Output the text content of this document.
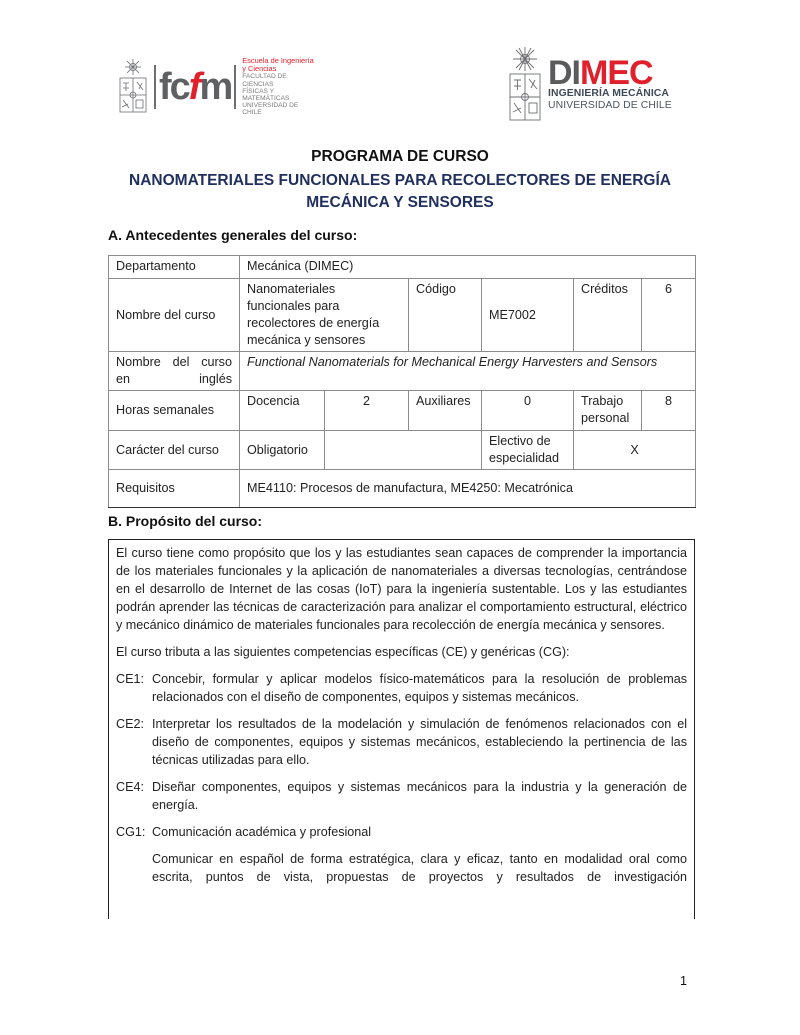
fc f m
Escuela de Ingeniería
y Ciencias
FACULTAD DE CIENCIAS
FÍSICAS Y MATEMÁTICAS
UNIVERSIDAD DE CHILE
DIMEC
INGENIERÍA MECÁNICA
UNIVERSIDAD DE CHILE
PROGRAMA DE CURSO
NANOMATERIALES FUNCIONALES PARA RECOLECTORES DE ENERGÍA
MECÁNICA Y SENSORES
A. Antecedentes generales del curso:
Departamento	Mecánica (DIMEC)					
Nombre del curso	Nanomateriales funcionales para recolectores de energía mecánica y sensores		Código	ME7002	Créditos	6
Nombre del curso en inglés	Functional Nanomaterials for Mechanical Energy Harvesters and Sensors					
Horas semanales	Docencia	2	Auxiliares	0	Trabajo personal	8
Carácter del curso	Obligatorio			Electivo de especialidad	X	
Requisitos	ME4110: Procesos de manufactura, ME4250: Mecatrónica					
B. Propósito del curso:

El curso tiene como propósito que los y las estudiantes sean capaces de comprender la importancia de los materiales funcionales y la aplicación de nanomateriales a diversas tecnologías, centrándose en el desarrollo de Internet de las cosas (IoT) para la ingeniería sustentable. Los y las estudiantes podrán aprender las técnicas de caracterización para analizar el comportamiento estructural, eléctrico y mecánico dinámico de materiales funcionales para recolección de energía mecánica y sensores.

El curso tributa a las siguientes competencias específicas (CE) y genéricas (CG):

CE1: Concebir, formular y aplicar modelos físico-matemáticos para la resolución de problemas relacionados con el diseño de componentes, equipos y sistemas mecánicos.
CE2: Interpretar los resultados de la modelación y simulación de fenómenos relacionados con el diseño de componentes, equipos y sistemas mecánicos, estableciendo la pertinencia de las técnicas utilizadas para ello.
CE4: Diseñar componentes, equipos y sistemas mecánicos para la industria y la generación de energía.
CG1: Comunicación académica y profesional

Comunicar en español de forma estratégica, clara y eficaz, tanto en modalidad oral como escrita, puntos de vista, propuestas de proyectos y resultados de investigación

1
